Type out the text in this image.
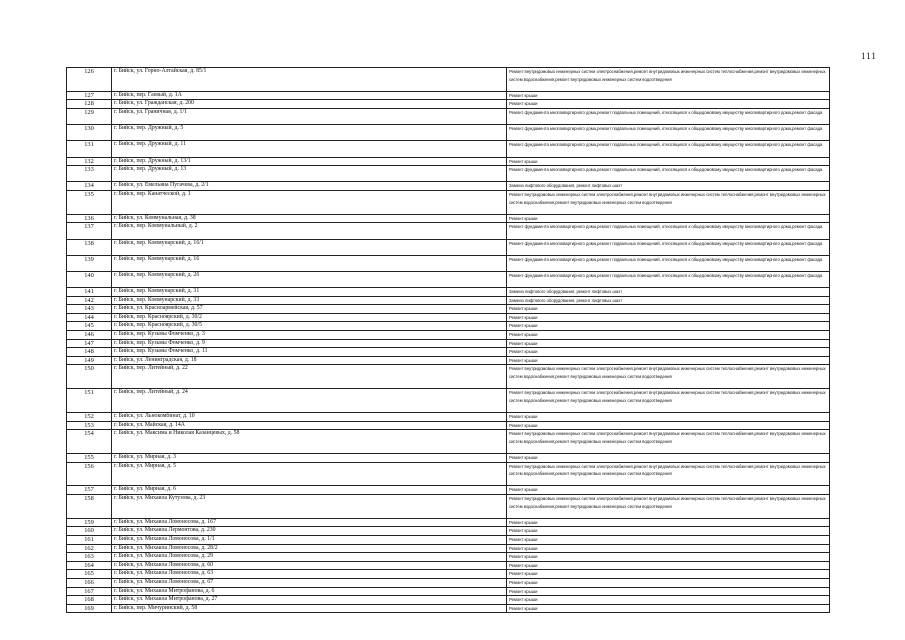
111
126	г. Бийск, ул. Горно-Алтайская, д. 85/1	Ремонт внутридомовых инженерных систем электроснабжения,ремонт внутридомовых инженерных систем теплоснабжения,ремонт внутридомовых инженерных систем водоснабжения,ремонт внутридомовых инженерных систем водоотведения

127	г. Бийск, пер. Гаевый, д. 1А	Ремонт крыши

128	г. Бийск, ул. Гражданская, д. 200	Ремонт крыши

129	г. Бийск, ул. Граничная, д. 1/1	Ремонт фундамента многоквартирного дома,ремонт подвальных помещений, относящихся к общедомовому имуществу многоквартирного дома,ремонт фасада

130	г. Бийск, пер. Дружный, д. 5	Ремонт фундамента многоквартирного дома,ремонт подвальных помещений, относящихся к общедомовому имуществу многоквартирного дома,ремонт фасада

131	г. Бийск, пер. Дружный, д. 11	Ремонт фундамента многоквартирного дома,ремонт подвальных помещений, относящихся к общедомовому имуществу многоквартирного дома,ремонт фасада

132	г. Бийск, пер. Дружный, д. 13/1	Ремонт крыши

133	г. Бийск, пер. Дружный, д. 13	Ремонт фундамента многоквартирного дома,ремонт подвальных помещений, относящихся к общедомовому имуществу многоквартирного дома,ремонт фасада

134	г. Бийск, ул. Емельяна Пугачева, д. 2/1	Замена лифтового оборудования, ремонт лифтовых шахт

135	г. Бийск, пер. Канатческой, д. 1	Ремонт внутридомовых инженерных систем электроснабжения,ремонт внутридомовых инженерных систем теплоснабжения,ремонт внутридомовых инженерных систем водоснабжения,ремонт внутридомовых инженерных систем водоотведения

136	г. Бийск, ул. Коммунальная, д. 38	Ремонт крыши

137	г. Бийск, пер. Коммунальный, д. 2	Ремонт фундамента многоквартирного дома,ремонт подвальных помещений, относящихся к общедомовому имуществу многоквартирного дома,ремонт фасада

138	г. Бийск, пер. Коммунарский, д. 16/1	Ремонт фундамента многоквартирного дома,ремонт подвальных помещений, относящихся к общедомовому имуществу многоквартирного дома,ремонт фасада

139	г. Бийск, пер. Коммунарский, д. 16	Ремонт фундамента многоквартирного дома,ремонт подвальных помещений, относящихся к общедомовому имуществу многоквартирного дома,ремонт фасада

140	г. Бийск, пер. Коммунарский, д. 26	Ремонт фундамента многоквартирного дома,ремонт подвальных помещений, относящихся к общедомовому имуществу многоквартирного дома,ремонт фасада

141	г. Бийск, пер. Коммунарский, д. 31	Замена лифтового оборудования, ремонт лифтовых шахт

142	г. Бийск, пер. Коммунарский, д. 33	Замена лифтового оборудования, ремонт лифтовых шахт

143	г. Бийск, ул. Красноармейская, д. 57	Ремонт крыши

144	г. Бийск, пер. Красноярский, д. 30/2	Ремонт крыши

145	г. Бийск, пер. Красноярский, д. 30/5	Ремонт крыши

146	г. Бийск, пер. Кузьмы Фомченко, д. 3	Ремонт крыши

147	г. Бийск, пер. Кузьмы Фомченко, д. 9	Ремонт крыши

148	г. Бийск, пер. Кузьмы Фомченко, д. 11	Ремонт крыши

149	г. Бийск, ул. Ленинградская, д. 18	Ремонт крыши

150	г. Бийск, пер. Литейный, д. 22	Ремонт внутридомовых инженерных систем электроснабжения,ремонт внутридомовых инженерных систем теплоснабжения,ремонт внутридомовых инженерных систем водоснабжения,ремонт внутридомовых инженерных систем водоотведения

151	г. Бийск, пер. Литейный, д. 24	Ремонт внутридомовых инженерных систем электроснабжения,ремонт внутридомовых инженерных систем теплоснабжения,ремонт внутридомовых инженерных систем водоснабжения,ремонт внутридомовых инженерных систем водоотведения

152	г. Бийск, ул. Льнокомбинат, д. 10	Ремонт крыши

153	г. Бийск, ул. Майская, д. 14А	Ремонт крыши

154	г. Бийск, ул. Максима и Николая Казанцевых, д. 58	Ремонт внутридомовых инженерных систем электроснабжения,ремонт внутридомовых инженерных систем теплоснабжения,ремонт внутридомовых инженерных систем водоснабжения,ремонт внутридомовых инженерных систем водоотведения

155	г. Бийск, ул. Мирная, д. 3	Ремонт крыши

156	г. Бийск, ул. Мирная, д. 5	Ремонт внутридомовых инженерных систем электроснабжения,ремонт внутридомовых инженерных систем теплоснабжения,ремонт внутридомовых инженерных систем водоснабжения,ремонт внутридомовых инженерных систем водоотведения

157	г. Бийск, ул. Мирная, д. 6	Ремонт крыши

158	г. Бийск, ул. Михаила Кутузова, д. 23	Ремонт внутридомовых инженерных систем электроснабжения,ремонт внутридомовых инженерных систем теплоснабжения,ремонт внутридомовых инженерных систем водоснабжения,ремонт внутридомовых инженерных систем водоотведения

159	г. Бийск, ул. Михаила Ломоносова, д. 167	Ремонт крыши

160	г. Бийск, ул. Михаила Лермонтова, д. 230	Ремонт крыши

161	г. Бийск, ул. Михаила Ломоносова, д. 1/1	Ремонт крыши

162	г. Бийск, ул. Михаила Ломоносова, д. 28/2	Ремонт крыши

163	г. Бийск, ул. Михаила Ломоносова, д. 29	Ремонт крыши

164	г. Бийск, ул. Михаила Ломоносова, д. 60	Ремонт крыши

165	г. Бийск, ул. Михаила Ломоносова, д. 63	Ремонт крыши

166	г. Бийск, ул. Михаила Ломоносова, д. 67	Ремонт крыши

167	г. Бийск, ул. Михаила Митрофанова, д. 6	Ремонт крыши

168	г. Бийск, ул. Михаила Митрофанова, д. 27	Ремонт крыши

169	г. Бийск, пер. Мичуринский, д. 58	Ремонт крыши
